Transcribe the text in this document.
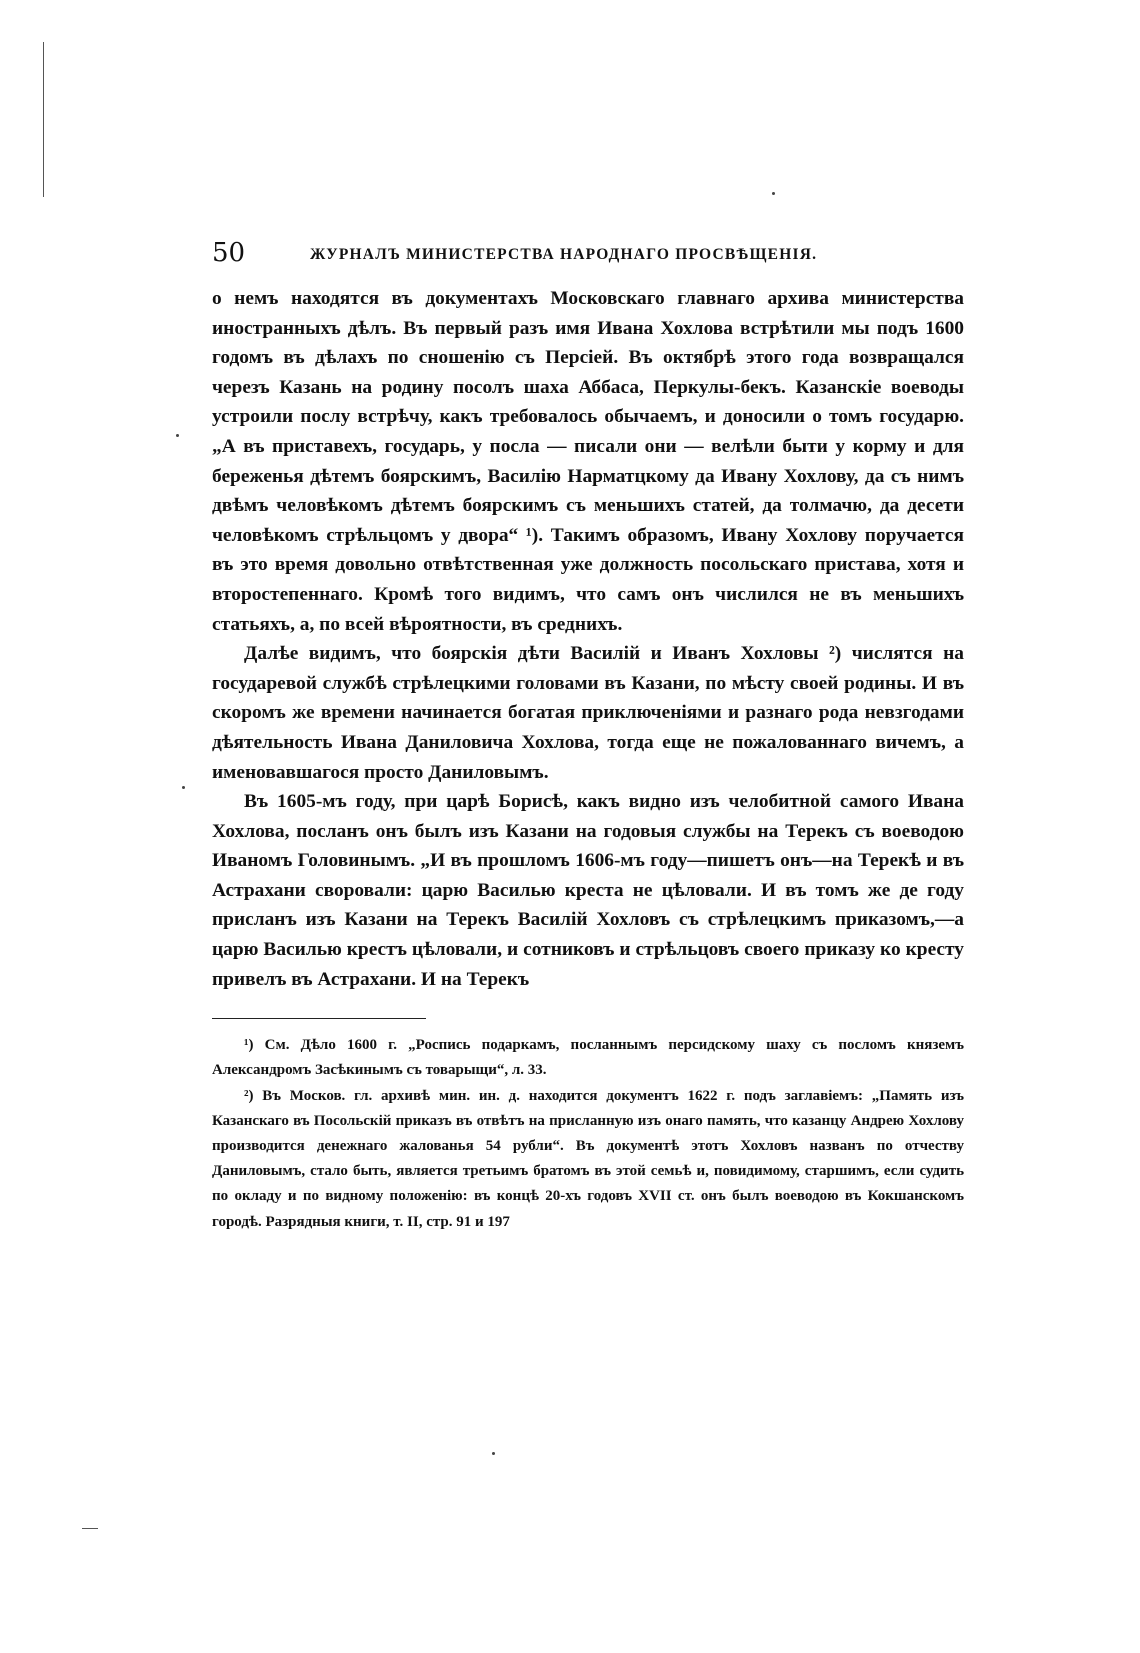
50	ЖУРНАЛЪ МИНИСТЕРСТВА НАРОДНАГО ПРОСВѢЩЕНІЯ.

о немъ находятся въ документахъ Московскаго главнаго архива министерства иностранныхъ дѣлъ. Въ первый разъ имя Ивана Хохлова встрѣтили мы подъ 1600 годомъ въ дѣлахъ по сношенію съ Персіей. Въ октябрѣ этого года возвращался черезъ Казань на родину посолъ шаха Аббаса, Перкулы-бекъ. Казанскіе воеводы устроили послу встрѣчу, какъ требовалось обычаемъ, и доносили о томъ государю. „А въ приставехъ, государь, у посла — писали они — велѣли быти у корму и для береженья дѣтемъ боярскимъ, Василію Нарматцкому да Ивану Хохлову, да съ нимъ двѣмъ человѣкомъ дѣтемъ боярскимъ съ меньшихъ статей, да толмачю, да десети человѣкомъ стрѣльцомъ у двора“ ¹). Такимъ образомъ, Ивану Хохлову поручается въ это время довольно отвѣтственная уже должность посольскаго пристава, хотя и второстепеннаго. Кромѣ того видимъ, что самъ онъ числился не въ меньшихъ статьяхъ, а, по всей вѣроятности, въ среднихъ.

Далѣе видимъ, что боярскія дѣти Василій и Иванъ Хохловы ²) числятся на государевой службѣ стрѣлецкими головами въ Казани, по мѣсту своей родины. И въ скоромъ же времени начинается богатая приключеніями и разнаго рода невзгодами дѣятельность Ивана Даниловича Хохлова, тогда еще не пожалованнаго вичемъ, а именовавшагося просто Даниловымъ.

Въ 1605-мъ году, при царѣ Борисѣ, какъ видно изъ челобитной самого Ивана Хохлова, посланъ онъ былъ изъ Казани на годовыя службы на Терекъ съ воеводою Иваномъ Головинымъ. „И въ прошломъ 1606-мъ году—пишетъ онъ—на Терекѣ и въ Астрахани своровали: царю Василью креста не цѣловали. И въ томъ же де году присланъ изъ Казани на Терекъ Василій Хохловъ съ стрѣлецкимъ приказомъ,—а царю Василью крестъ цѣловали, и сотниковъ и стрѣльцовъ своего приказу ко кресту привелъ въ Астрахани. И на Терекъ

¹) См. Дѣло 1600 г. „Роспись подаркамъ, посланнымъ персидскому шаху съ посломъ княземъ Александромъ Засѣкинымъ съ товарыщи“, л. 33.

²) Въ Москов. гл. архивѣ мин. ин. д. находится документъ 1622 г. подъ заглавіемъ: „Память изъ Казанскаго въ Посольскій приказъ въ отвѣтъ на присланную изъ онаго память, что казанцу Андрею Хохлову производится денежнаго жалованья 54 рубли“. Въ документѣ этотъ Хохловъ названъ по отчеству Даниловымъ, стало быть, является третьимъ братомъ въ этой семьѣ и, повидимому, старшимъ, если судить по окладу и по видному положенію: въ концѣ 20-хъ годовъ XVII ст. онъ былъ воеводою въ Кокшанскомъ городѣ. Разрядныя книги, т. II, стр. 91 и 197
